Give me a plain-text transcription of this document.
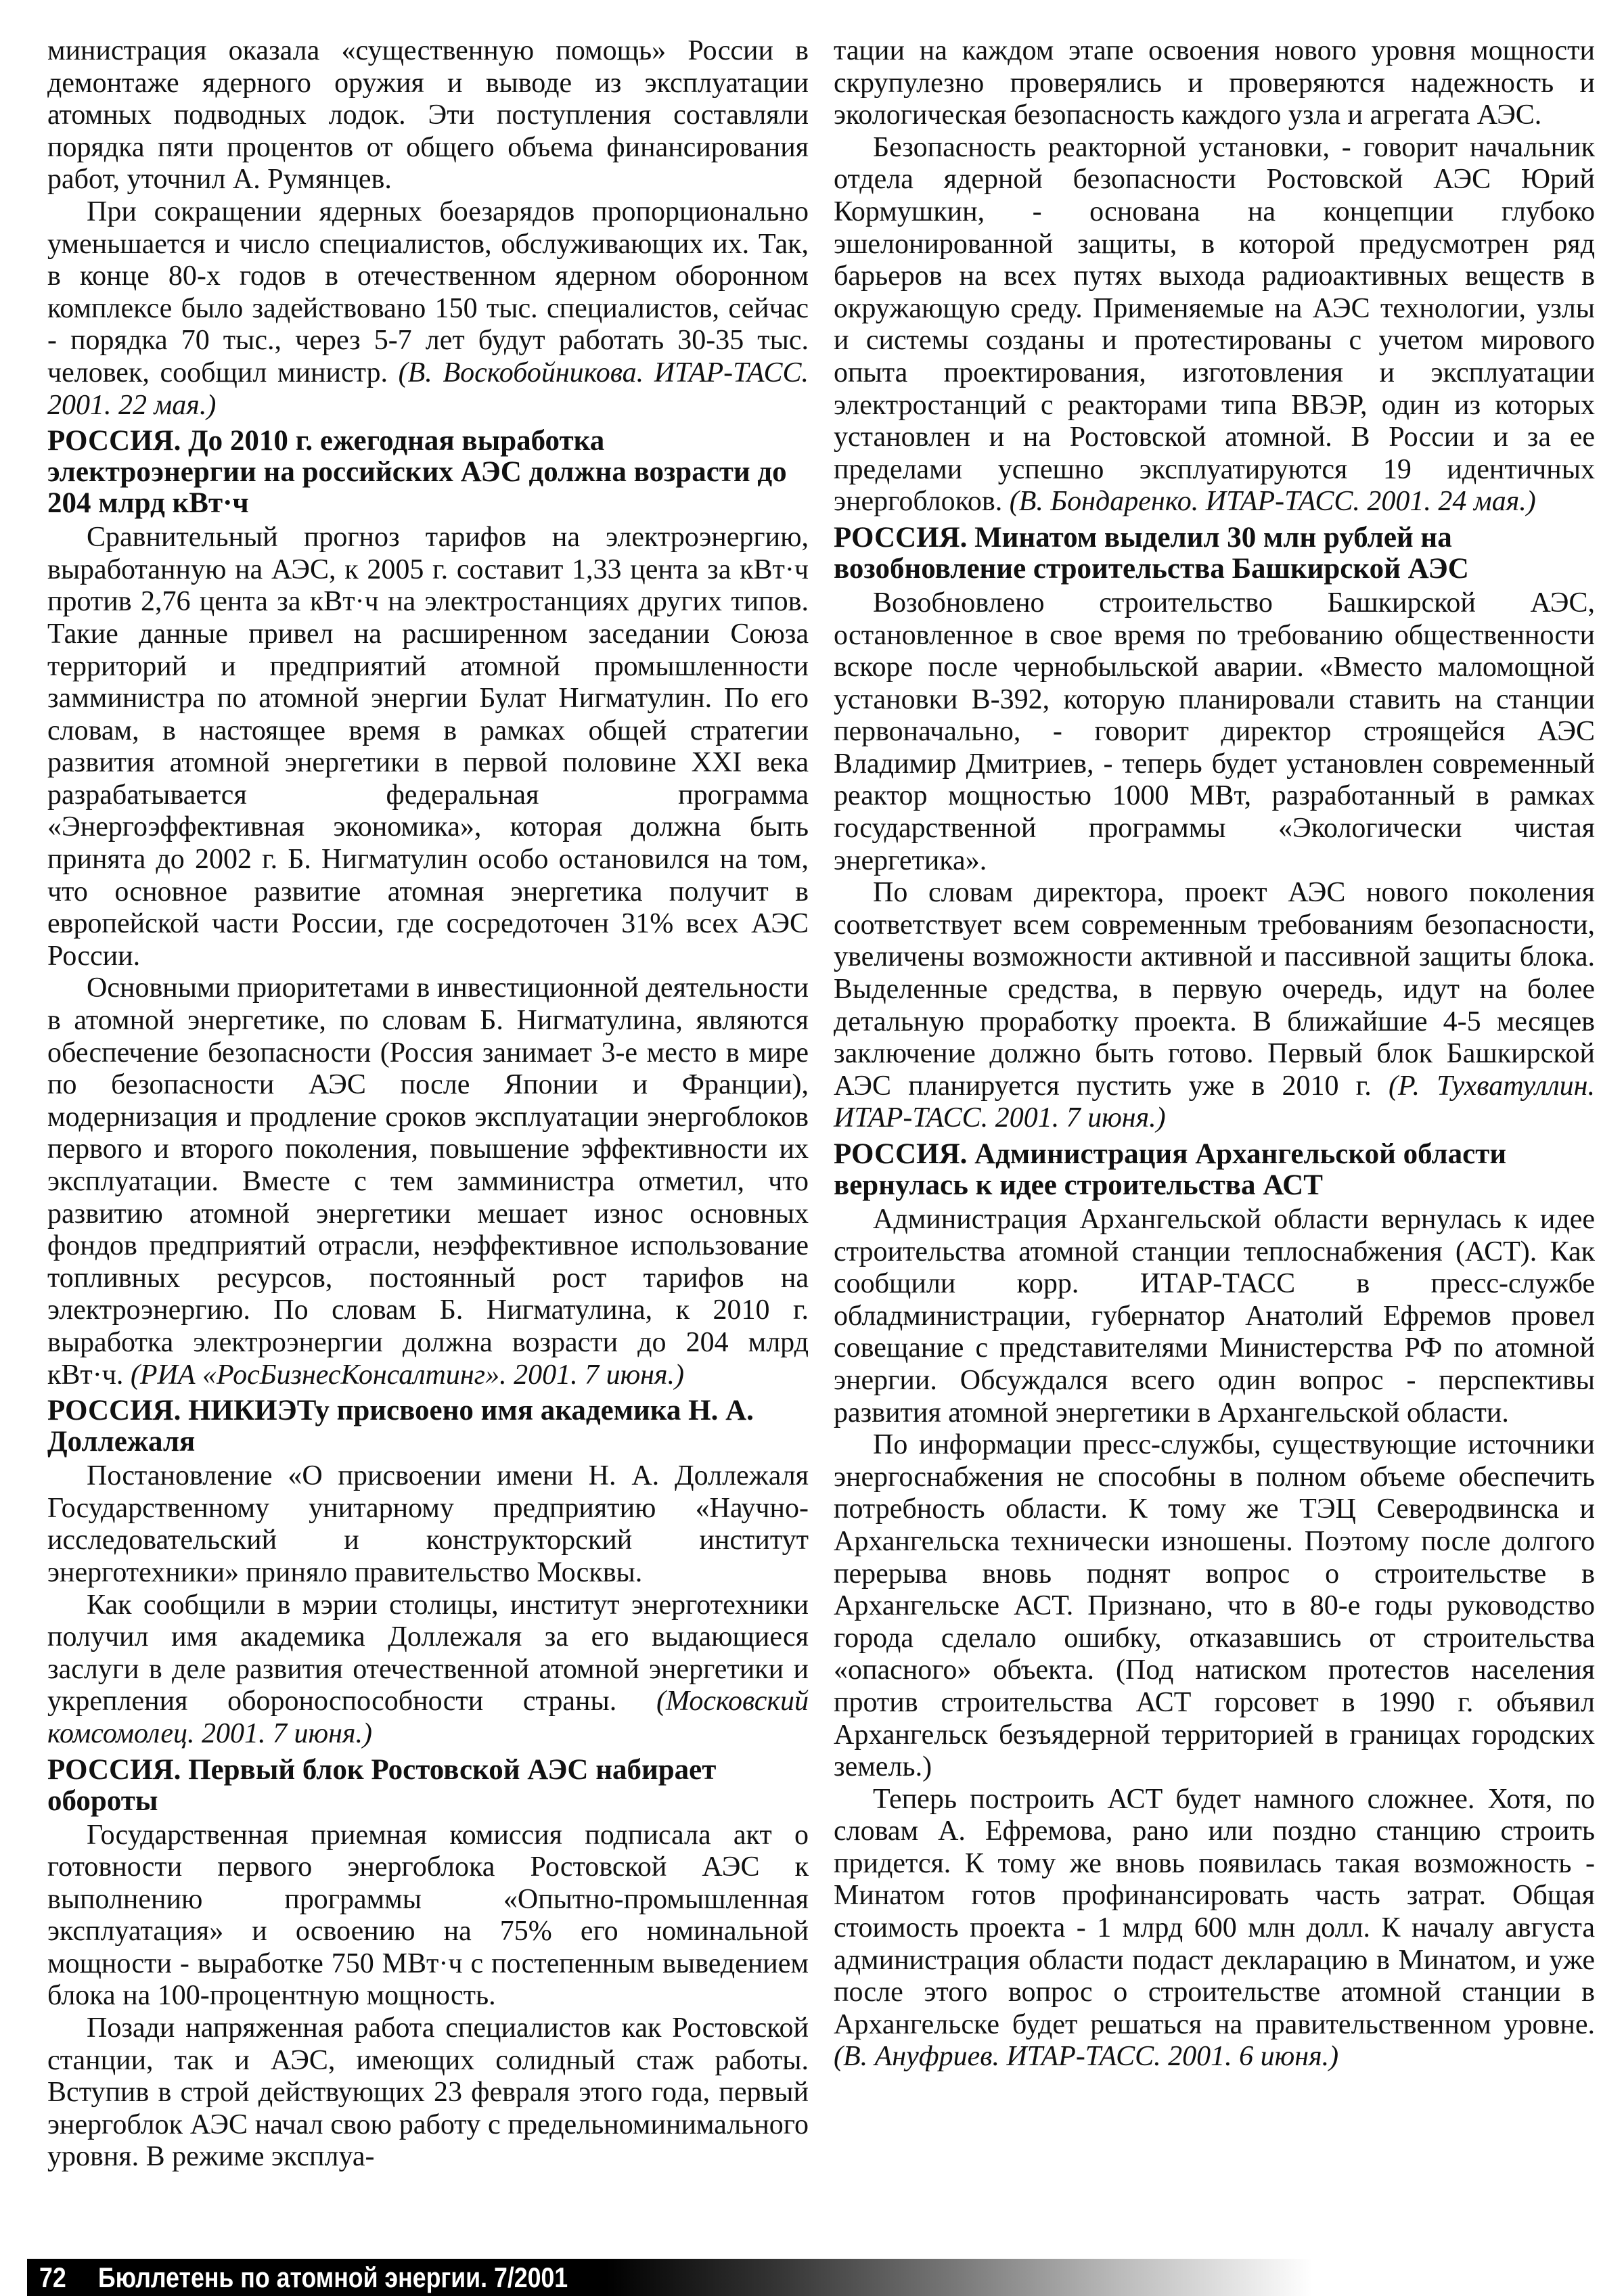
министрация оказала «существенную помощь» России в демонтаже ядерного оружия и выводе из эксплуатации атомных подводных лодок. Эти поступления составляли порядка пяти процентов от общего объема финансирования работ, уточнил А. Румянцев.

При сокращении ядерных боезарядов пропорционально уменьшается и число специалистов, обслуживающих их. Так, в конце 80-х годов в отечественном ядерном оборонном комплексе было задействовано 150 тыс. специалистов, сейчас - порядка 70 тыс., через 5-7 лет будут работать 30-35 тыс. человек, сообщил министр. (В. Воскобойникова. ИТАР-ТАСС. 2001. 22 мая.)

РОССИЯ. До 2010 г. ежегодная выработка электроэнергии на российских АЭС должна возрасти до 204 млрд кВт·ч

Сравнительный прогноз тарифов на электроэнергию, выработанную на АЭС, к 2005 г. составит 1,33 цента за кВт·ч против 2,76 цента за кВт·ч на электростанциях других типов. Такие данные привел на расширенном заседании Союза территорий и предприятий атомной промышленности замминистра по атомной энергии Булат Нигматулин. По его словам, в настоящее время в рамках общей стратегии развития атомной энергетики в первой половине XXI века разрабатывается федеральная программа «Энергоэффективная экономика», которая должна быть принята до 2002 г. Б. Нигматулин особо остановился на том, что основное развитие атомная энергетика получит в европейской части России, где сосредоточен 31% всех АЭС России.

Основными приоритетами в инвестиционной деятельности в атомной энергетике, по словам Б. Нигматулина, являются обеспечение безопасности (Россия занимает 3-е место в мире по безопасности АЭС после Японии и Франции), модернизация и продление сроков эксплуатации энергоблоков первого и второго поколения, повышение эффективности их эксплуатации. Вместе с тем замминистра отметил, что развитию атомной энергетики мешает износ основных фондов предприятий отрасли, неэффективное использование топливных ресурсов, постоянный рост тарифов на электроэнергию. По словам Б. Нигматулина, к 2010 г. выработка электроэнергии должна возрасти до 204 млрд кВт·ч. (РИА «РосБизнесКонсалтинг». 2001. 7 июня.)

РОССИЯ. НИКИЭТу присвоено имя академика Н. А. Доллежаля

Постановление «О присвоении имени Н. А. Доллежаля Государственному унитарному предприятию «Научно-исследовательский и конструкторский институт энерготехники» приняло правительство Москвы.

Как сообщили в мэрии столицы, институт энерготехники получил имя академика Доллежаля за его выдающиеся заслуги в деле развития отечественной атомной энергетики и укрепления обороноспособности страны. (Московский комсомолец. 2001. 7 июня.)

РОССИЯ. Первый блок Ростовской АЭС набирает обороты

Государственная приемная комиссия подписала акт о готовности первого энергоблока Ростовской АЭС к выполнению программы «Опытно-промышленная эксплуатация» и освоению на 75% его номинальной мощности - выработке 750 МВт·ч с постепенным выведением блока на 100-процентную мощность.

Позади напряженная работа специалистов как Ростовской станции, так и АЭС, имеющих солидный стаж работы. Вступив в строй действующих 23 февраля этого года, первый энергоблок АЭС начал свою работу с предельноминимального уровня. В режиме эксплуа-

тации на каждом этапе освоения нового уровня мощности скрупулезно проверялись и проверяются надежность и экологическая безопасность каждого узла и агрегата АЭС.

Безопасность реакторной установки, - говорит начальник отдела ядерной безопасности Ростовской АЭС Юрий Кормушкин, - основана на концепции глубоко эшелонированной защиты, в которой предусмотрен ряд барьеров на всех путях выхода радиоактивных веществ в окружающую среду. Применяемые на АЭС технологии, узлы и системы созданы и протестированы с учетом мирового опыта проектирования, изготовления и эксплуатации электростанций с реакторами типа ВВЭР, один из которых установлен и на Ростовской атомной. В России и за ее пределами успешно эксплуатируются 19 идентичных энергоблоков. (В. Бондаренко. ИТАР-ТАСС. 2001. 24 мая.)

РОССИЯ. Минатом выделил 30 млн рублей на возобновление строительства Башкирской АЭС

Возобновлено строительство Башкирской АЭС, остановленное в свое время по требованию общественности вскоре после чернобыльской аварии. «Вместо маломощной установки В-392, которую планировали ставить на станции первоначально, - говорит директор строящейся АЭС Владимир Дмитриев, - теперь будет установлен современный реактор мощностью 1000 МВт, разработанный в рамках государственной программы «Экологически чистая энергетика».

По словам директора, проект АЭС нового поколения соответствует всем современным требованиям безопасности, увеличены возможности активной и пассивной защиты блока. Выделенные средства, в первую очередь, идут на более детальную проработку проекта. В ближайшие 4-5 месяцев заключение должно быть готово. Первый блок Башкирской АЭС планируется пустить уже в 2010 г. (Р. Тухватуллин. ИТАР-ТАСС. 2001. 7 июня.)

РОССИЯ. Администрация Архангельской области вернулась к идее строительства АСТ

Администрация Архангельской области вернулась к идее строительства атомной станции теплоснабжения (АСТ). Как сообщили корр. ИТАР-ТАСС в пресс-службе обладминистрации, губернатор Анатолий Ефремов провел совещание с представителями Министерства РФ по атомной энергии. Обсуждался всего один вопрос - перспективы развития атомной энергетики в Архангельской области.

По информации пресс-службы, существующие источники энергоснабжения не способны в полном объеме обеспечить потребность области. К тому же ТЭЦ Северодвинска и Архангельска технически изношены. Поэтому после долгого перерыва вновь поднят вопрос о строительстве в Архангельске АСТ. Признано, что в 80-е годы руководство города сделало ошибку, отказавшись от строительства «опасного» объекта. (Под натиском протестов населения против строительства АСТ горсовет в 1990 г. объявил Архангельск безъядерной территорией в границах городских земель.)

Теперь построить АСТ будет намного сложнее. Хотя, по словам А. Ефремова, рано или поздно станцию строить придется. К тому же вновь появилась такая возможность - Минатом готов профинансировать часть затрат. Общая стоимость проекта - 1 млрд 600 млн долл. К началу августа администрация области подаст декларацию в Минатом, и уже после этого вопрос о строительстве атомной станции в Архангельске будет решаться на правительственном уровне. (В. Ануфриев. ИТАР-ТАСС. 2001. 6 июня.)

72 Бюллетень по атомной энергии. 7/2001
